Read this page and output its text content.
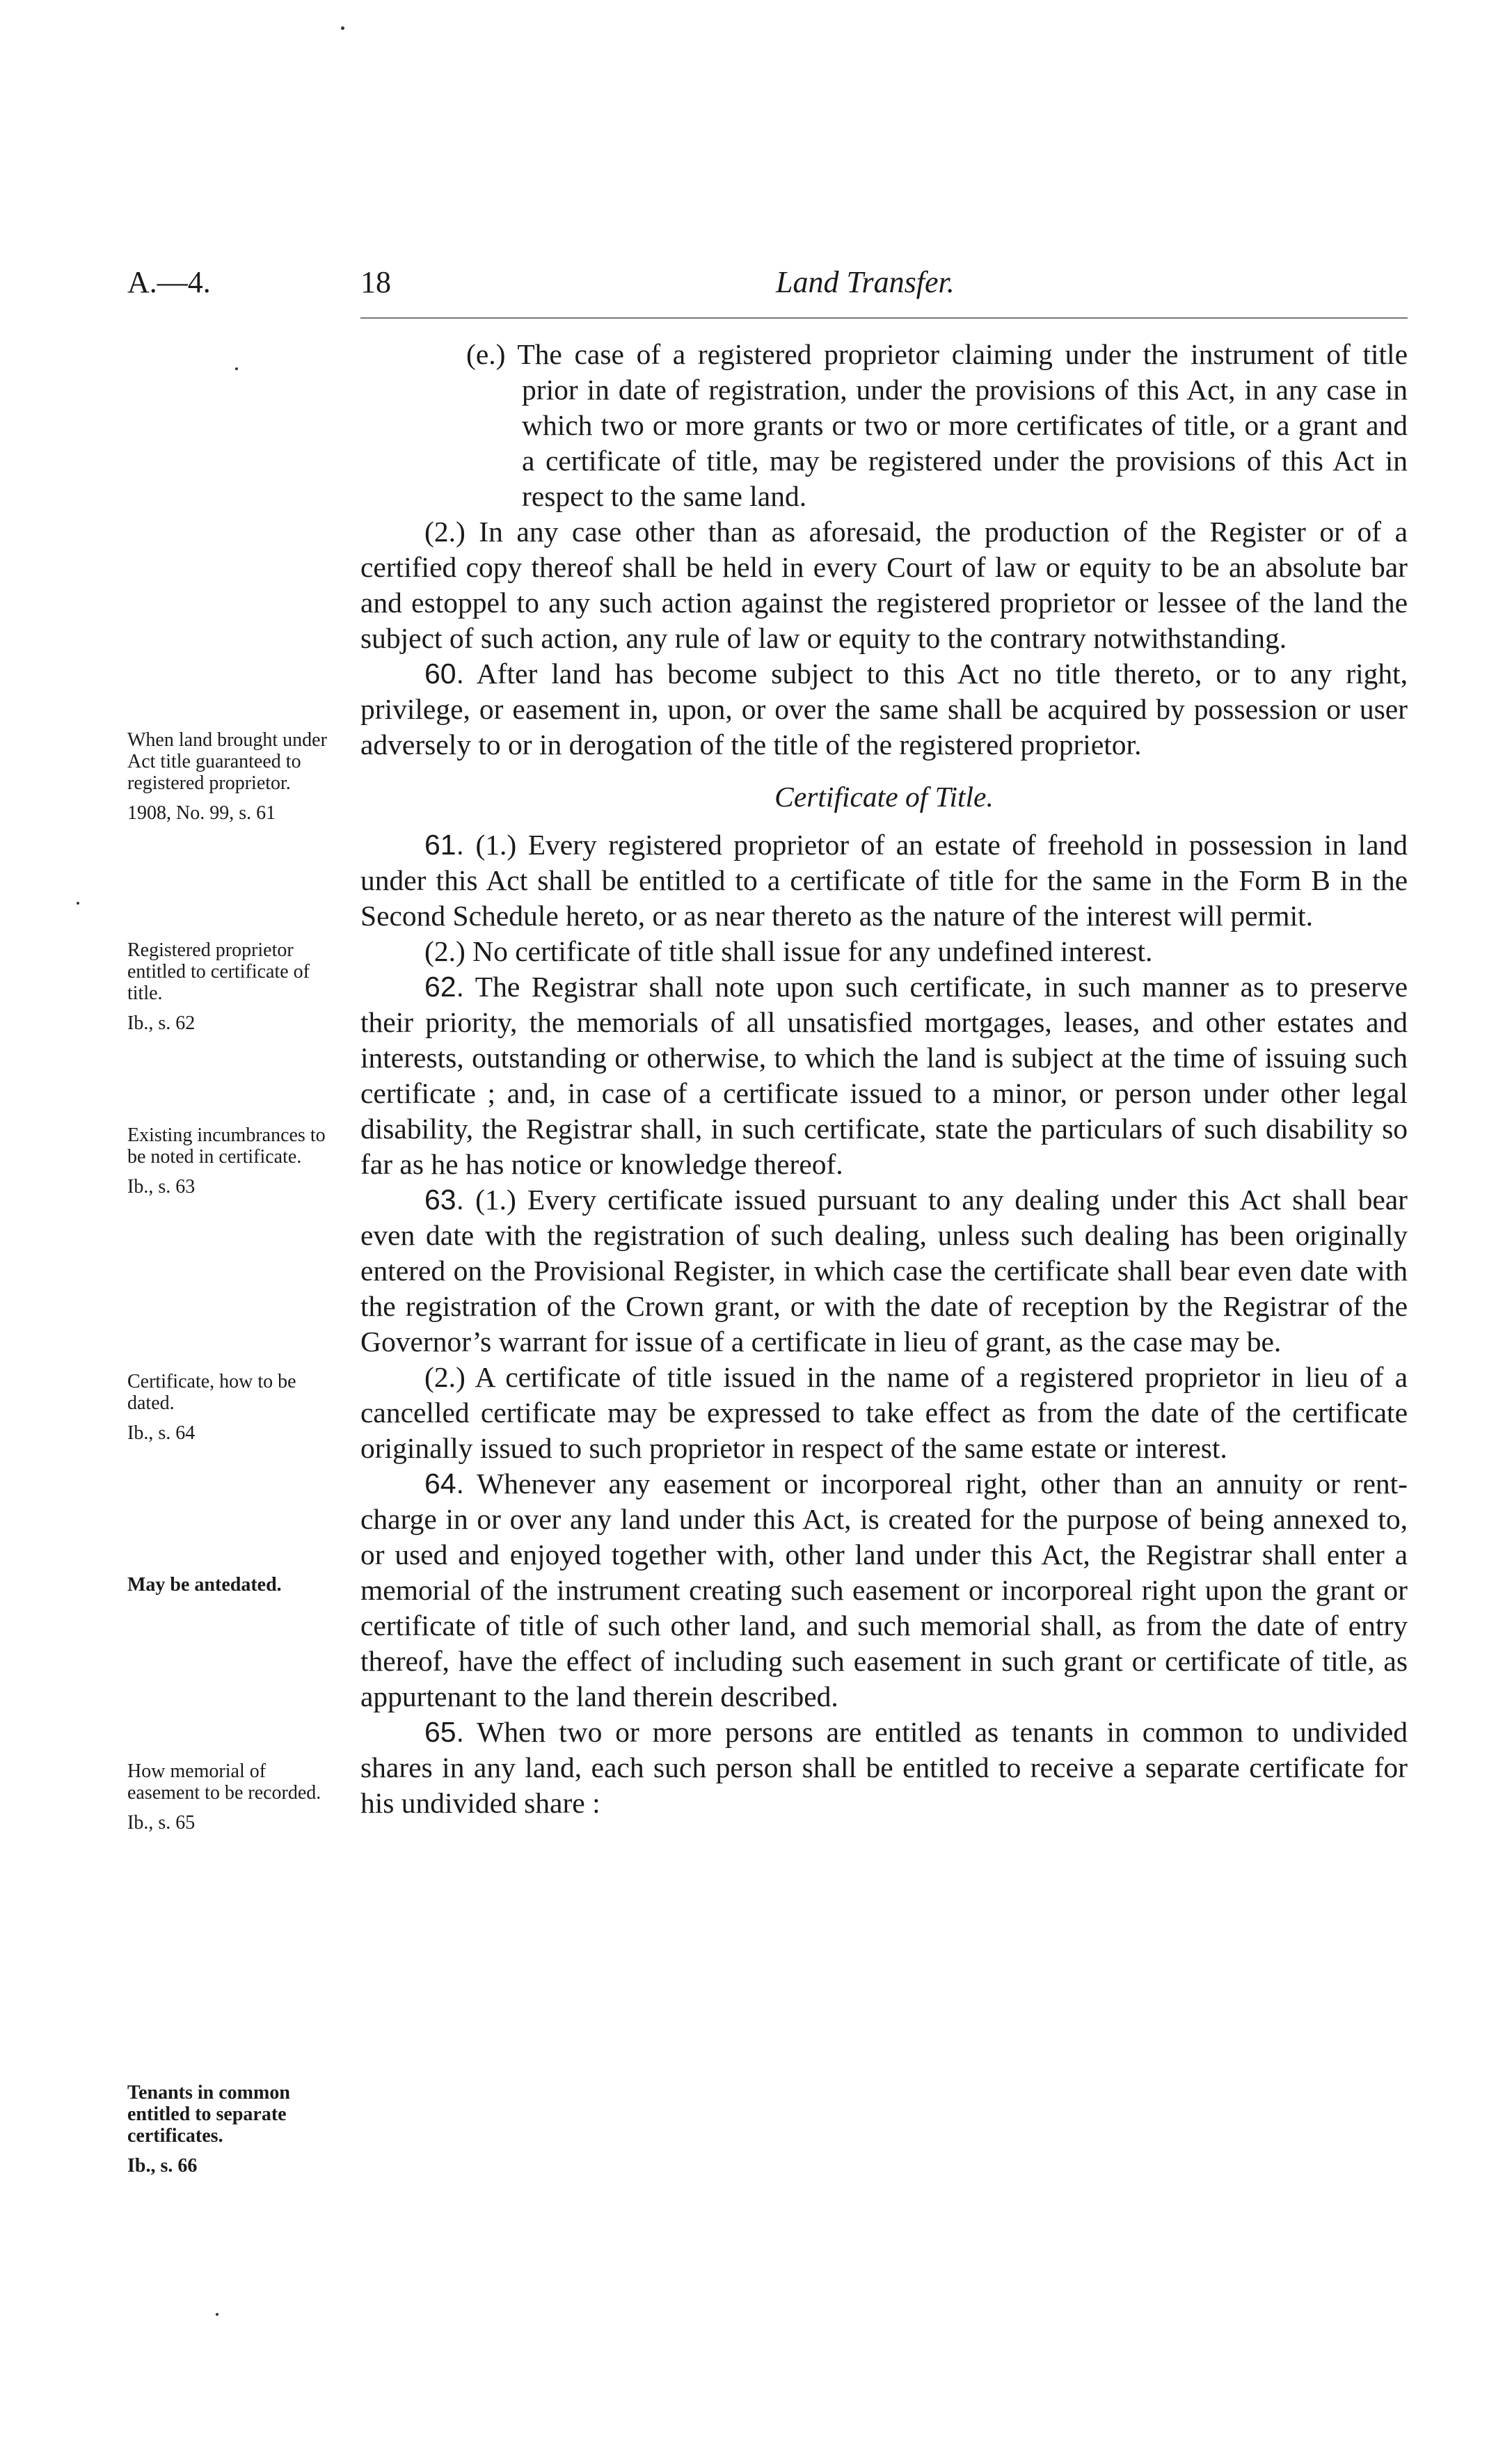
A.—4.	18	Land Transfer.
When land brought under Act title guaranteed to registered proprietor.
1908, No. 99, s. 61
Registered proprietor entitled to certificate of title.
Ib., s. 62
Existing incumbrances to be noted in certificate.
Ib., s. 63
Certificate, how to be dated.
Ib., s. 64
May be antedated.
How memorial of easement to be recorded.
Ib., s. 65
Tenants in common entitled to separate certificates.
Ib., s. 66

(e.) The case of a registered proprietor claiming under the instrument of title prior in date of registration, under the provisions of this Act, in any case in which two or more grants or two or more certificates of title, or a grant and a certificate of title, may be registered under the provisions of this Act in respect to the same land.

(2.) In any case other than as aforesaid, the production of the Register or of a certified copy thereof shall be held in every Court of law or equity to be an absolute bar and estoppel to any such action against the registered proprietor or lessee of the land the subject of such action, any rule of law or equity to the contrary notwithstanding.

60. After land has become subject to this Act no title thereto, or to any right, privilege, or easement in, upon, or over the same shall be acquired by possession or user adversely to or in derogation of the title of the registered proprietor.

Certificate of Title.

61. (1.) Every registered proprietor of an estate of freehold in possession in land under this Act shall be entitled to a certificate of title for the same in the Form B in the Second Schedule hereto, or as near thereto as the nature of the interest will permit.

(2.) No certificate of title shall issue for any undefined interest.

62. The Registrar shall note upon such certificate, in such manner as to preserve their priority, the memorials of all unsatisfied mortgages, leases, and other estates and interests, outstanding or otherwise, to which the land is subject at the time of issuing such certificate ; and, in case of a certificate issued to a minor, or person under other legal disability, the Registrar shall, in such certificate, state the particulars of such disability so far as he has notice or knowledge thereof.

63. (1.) Every certificate issued pursuant to any dealing under this Act shall bear even date with the registration of such dealing, unless such dealing has been originally entered on the Provisional Register, in which case the certificate shall bear even date with the registration of the Crown grant, or with the date of reception by the Registrar of the Governor’s warrant for issue of a certificate in lieu of grant, as the case may be.

(2.) A certificate of title issued in the name of a registered proprietor in lieu of a cancelled certificate may be expressed to take effect as from the date of the certificate originally issued to such proprietor in respect of the same estate or interest.

64. Whenever any easement or incorporeal right, other than an annuity or rent-charge in or over any land under this Act, is created for the purpose of being annexed to, or used and enjoyed together with, other land under this Act, the Registrar shall enter a memorial of the instrument creating such easement or incorporeal right upon the grant or certificate of title of such other land, and such memorial shall, as from the date of entry thereof, have the effect of including such easement in such grant or certificate of title, as appurtenant to the land therein described.

65. When two or more persons are entitled as tenants in common to undivided shares in any land, each such person shall be entitled to receive a separate certificate for his undivided share :
